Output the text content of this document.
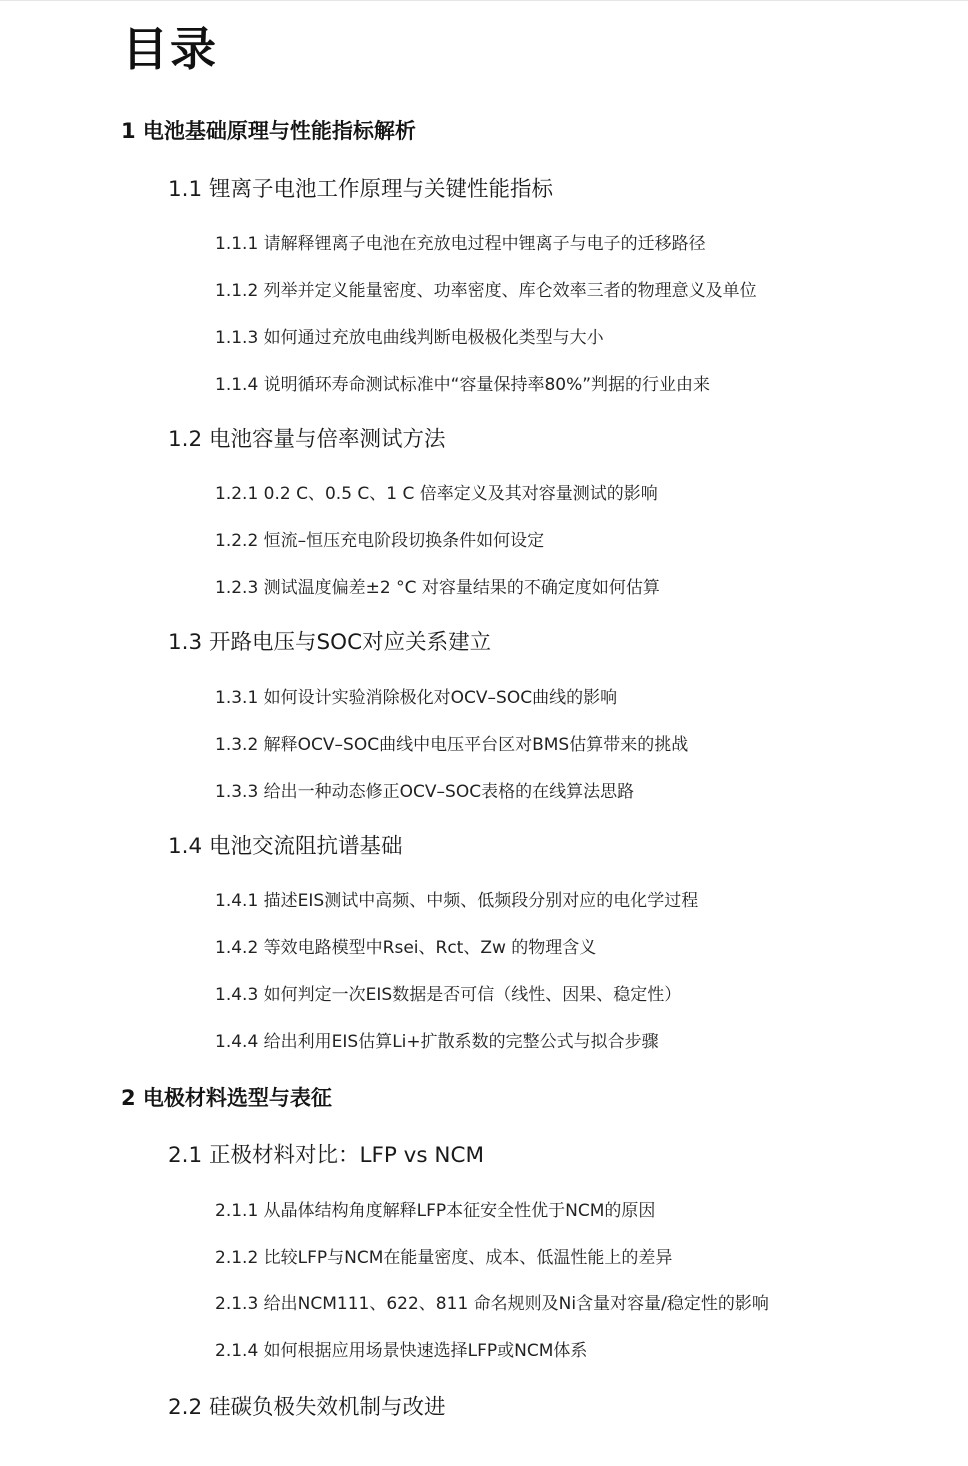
目录
1 电池基础原理与性能指标解析
1.1 锂离子电池工作原理与关键性能指标
1.1.1 请解释锂离子电池在充放电过程中锂离子与电子的迁移路径
1.1.2 列举并定义能量密度、功率密度、库仑效率三者的物理意义及单位
1.1.3 如何通过充放电曲线判断电极极化类型与大小
1.1.4 说明循环寿命测试标准中“容量保持率80%”判据的行业由来
1.2 电池容量与倍率测试方法
1.2.1 0.2 C、0.5 C、1 C 倍率定义及其对容量测试的影响
1.2.2 恒流–恒压充电阶段切换条件如何设定
1.2.3 测试温度偏差±2 °C 对容量结果的不确定度如何估算
1.3 开路电压与SOC对应关系建立
1.3.1 如何设计实验消除极化对OCV–SOC曲线的影响
1.3.2 解释OCV–SOC曲线中电压平台区对BMS估算带来的挑战
1.3.3 给出一种动态修正OCV–SOC表格的在线算法思路
1.4 电池交流阻抗谱基础
1.4.1 描述EIS测试中高频、中频、低频段分别对应的电化学过程
1.4.2 等效电路模型中Rsei、Rct、Zw 的物理含义
1.4.3 如何判定一次EIS数据是否可信（线性、因果、稳定性）
1.4.4 给出利用EIS估算Li+扩散系数的完整公式与拟合步骤
2 电极材料选型与表征
2.1 正极材料对比：LFP vs NCM
2.1.1 从晶体结构角度解释LFP本征安全性优于NCM的原因
2.1.2 比较LFP与NCM在能量密度、成本、低温性能上的差异
2.1.3 给出NCM111、622、811 命名规则及Ni含量对容量/稳定性的影响
2.1.4 如何根据应用场景快速选择LFP或NCM体系
2.2 硅碳负极失效机制与改进
